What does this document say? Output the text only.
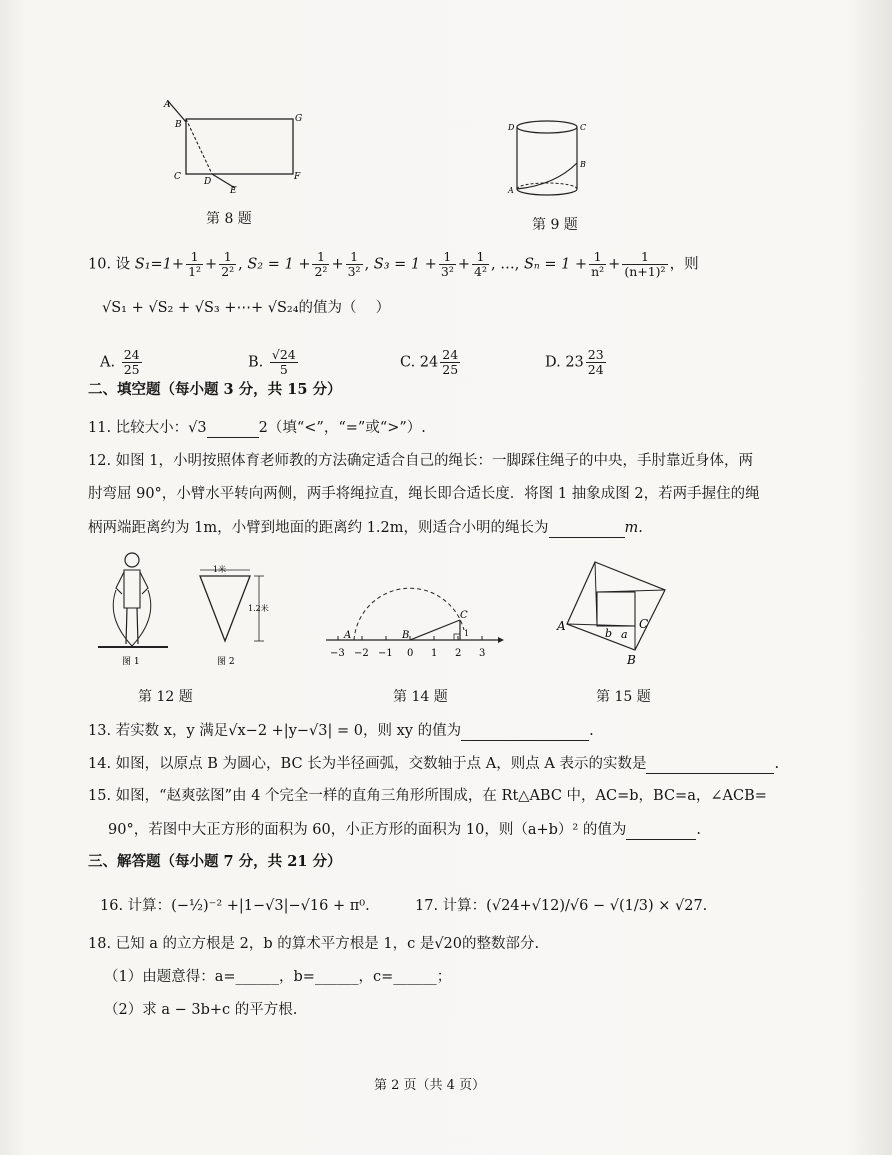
A
B
G
C	D
E
F
第 8 题
D	C
A
B
第 9 题
10. 设 $S_1=1+ \frac{1}{\text{1²}} + \frac{1}{\text{2²}}$ , $S_2 = 1 + \frac{1}{\text{2²}} + \frac{1}{\text{3²}}$ , $S_3 = 1 + \frac{1}{\text{3²}} + \frac{1}{\text{4²}}$ , …, $S_n = 1 + \frac{1}{\text{n²}} + \frac{1}{\text{(n+1)²}}$ ，则
√S₁ + √S₂ + √S₃ +⋯+ √S₂₄的值为（　 ）
A. $\frac{24}{25}$	B. $\frac{√24}{5}$	C. $24 \frac{24}{25}$	D. $23 \frac{23}{24}$
二、填空题（每小题 3 分，共 15 分）
11. 比较大小：√3	2（填“<”，“=”或“>”）.
12. 如图 1，小明按照体育老师教的方法确定适合自己的绳长：一脚踩住绳子的中央，手肘靠近身体，两
肘弯屈 90°，小臂水平转向两侧，两手将绳拉直，绳长即合适长度．将图 1 抽象成图 2，若两手握住的绳
柄两端距离约为 1m，小臂到地面的距离约 1.2m，则适合小明的绳长为	m.
图 1
1米
1.2米
图 2
第 12 题
A	B
C
1
−3 −2 −1 0 1 2 3
第 14 题
A
B
C
b a
第 15 题
13. 若实数 x，y 满足√x−2 +|y−√3| = 0，则 xy 的值为	.
14. 如图，以原点 B 为圆心，BC 长为半径画弧，交数轴于点 A，则点 A 表示的实数是	.
15. 如图，“赵爽弦图”由 4 个完全一样的直角三角形所围成，在 Rt△ABC 中，AC=b，BC=a，∠ACB=
90°，若图中大正方形的面积为 60，小正方形的面积为 10，则（a+b）² 的值为	.
三、解答题（每小题 7 分，共 21 分）
16. 计算：(−½)⁻² +|1−√3|−√16 + π⁰.	17. 计算：(√24+√12)/√6 − √(1/3) × √27.
18. 已知 a 的立方根是 2，b 的算术平方根是 1，c 是√20的整数部分.
（1）由题意得：a=______，b=______，c=______；
（2）求 a − 3b+c 的平方根.
第 2 页（共 4 页）
